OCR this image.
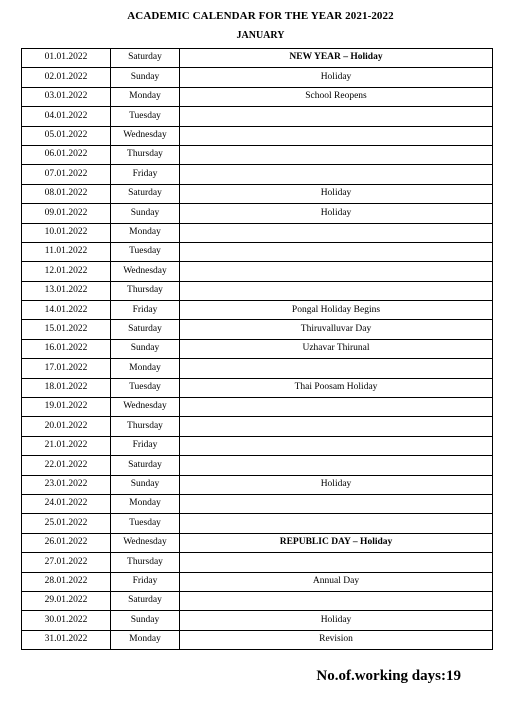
ACADEMIC CALENDAR FOR THE YEAR 2021-2022
JANUARY
01.01.2022	Saturday	NEW YEAR – Holiday
02.01.2022	Sunday	Holiday
03.01.2022	Monday	School Reopens
04.01.2022	Tuesday	
05.01.2022	Wednesday	
06.01.2022	Thursday	
07.01.2022	Friday	
08.01.2022	Saturday	Holiday
09.01.2022	Sunday	Holiday
10.01.2022	Monday	
11.01.2022	Tuesday	
12.01.2022	Wednesday	
13.01.2022	Thursday	
14.01.2022	Friday	Pongal Holiday Begins
15.01.2022	Saturday	Thiruvalluvar Day
16.01.2022	Sunday	Uzhavar Thirunal
17.01.2022	Monday	
18.01.2022	Tuesday	Thai Poosam Holiday
19.01.2022	Wednesday	
20.01.2022	Thursday	
21.01.2022	Friday	
22.01.2022	Saturday	
23.01.2022	Sunday	Holiday
24.01.2022	Monday	
25.01.2022	Tuesday	
26.01.2022	Wednesday	REPUBLIC DAY – Holiday
27.01.2022	Thursday	
28.01.2022	Friday	Annual Day
29.01.2022	Saturday	
30.01.2022	Sunday	Holiday
31.01.2022	Monday	Revision
No.of.working days:19
